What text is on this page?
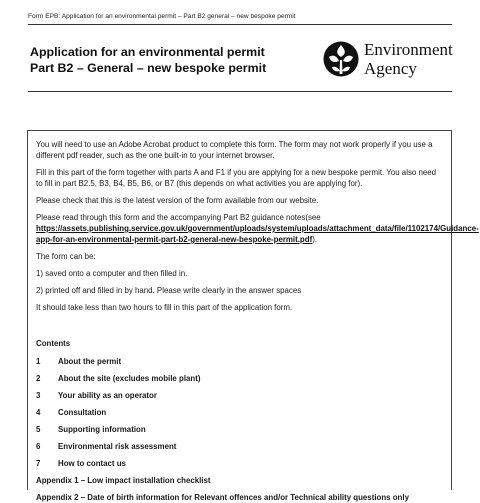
Form EPB: Application for an environmental permit – Part B2 general – new bespoke permit
Application for an environmental permit
Part B2 – General – new bespoke permit
Environment
Agency

You will need to use an Adobe Acrobat product to complete this form. The form may not work properly if you use a different pdf reader, such as the one built-in to your internet browser.

Fill in this part of the form together with parts A and F1 if you are applying for a new bespoke permit. You also need to fill in part B2.5, B3, B4, B5, B6, or B7 (this depends on what activities you are applying for).

Please check that this is the latest version of the form available from our website.

Please read through this form and the accompanying Part B2 guidance notes(see https://assets.publishing.service.gov.uk/government/uploads/system/uploads/attachment_data/file/1102174/Guidance-app-for-an-environmental-permit-part-b2-general-new-bespoke-permit.pdf).

The form can be:

1) saved onto a computer and then filled in.

2) printed off and filled in by hand. Please write clearly in the answer spaces

It should take less than two hours to fill in this part of the application form.

Contents
1	About the permit
2	About the site (excludes mobile plant)
3	Your ability as an operator
4	Consultation
5	Supporting information
6	Environmental risk assessment
7	How to contact us
Appendix 1 – Low impact installation checklist
Appendix 2 – Date of birth information for Relevant offences and/or Technical ability questions only
